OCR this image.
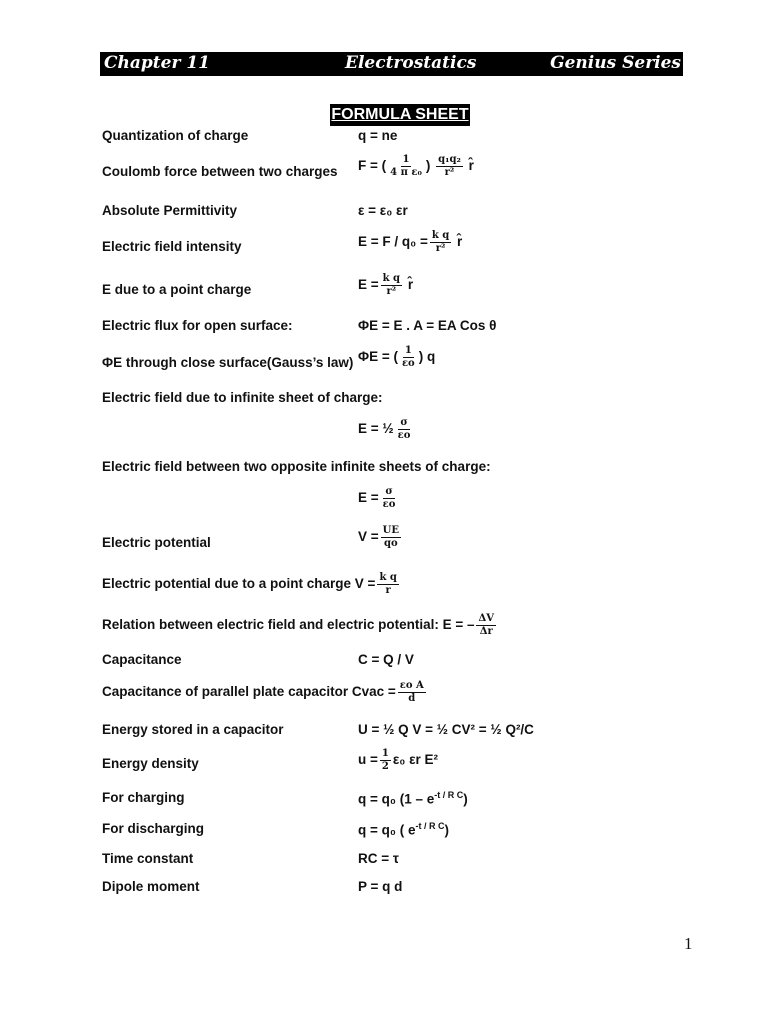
Chapter 11	Electrostatics	Genius Series
FORMULA SHEET
Quantization of charge	q = ne
Coulomb force between two charges F = ( $\frac{1}{\text{4 π ε₀}}$ ) $\frac{\text{q₁q₂}}{\text{r²}}$ r̂
Absolute Permittivity	ε = ε₀ εr
Electric field intensity	$E = F / q_0 = \frac{\text{k q}}{\text{r²}}$ r̂
E due to a point charge	$E = \frac{\text{k q}}{\text{r²}}$ r̂
Electric flux for open surface:	ΦE = E . A = EA Cos θ
ΦE through close surface(Gauss’s law) ΦE = ( $\frac{1}{\varepsilon o}$ ) q
Electric field due to infinite sheet of charge:
E = ½ $\frac{\sigma}{\varepsilon o}$
Electric field between two opposite infinite sheets of charge:
$E = \frac{\sigma}{\varepsilon o}$
Electric potential	$V = \frac{UE}{qo}$
Electric potential due to a point charge $V = \frac{\text{k q}}{r}$
Relation between electric field and electric potential: E = – $\frac{\Delta V}{\Delta r}$
Capacitance	C = Q / V
Capacitance of parallel plate capacitor Cvac = $\frac{\text{εo A}}{d}$
Energy stored in a capacitor	U = ½ Q V = ½ CV² = ½ Q²/C
Energy density	$u = \frac{1}{2} \varepsilon_0$ εr E²
For charging	q = q₀ $(1 - e^{-t / R C})$
For discharging	q = q₀ ( $e^{-t / R C}$)
Time constant	RC = τ
Dipole moment	P = q d
1
